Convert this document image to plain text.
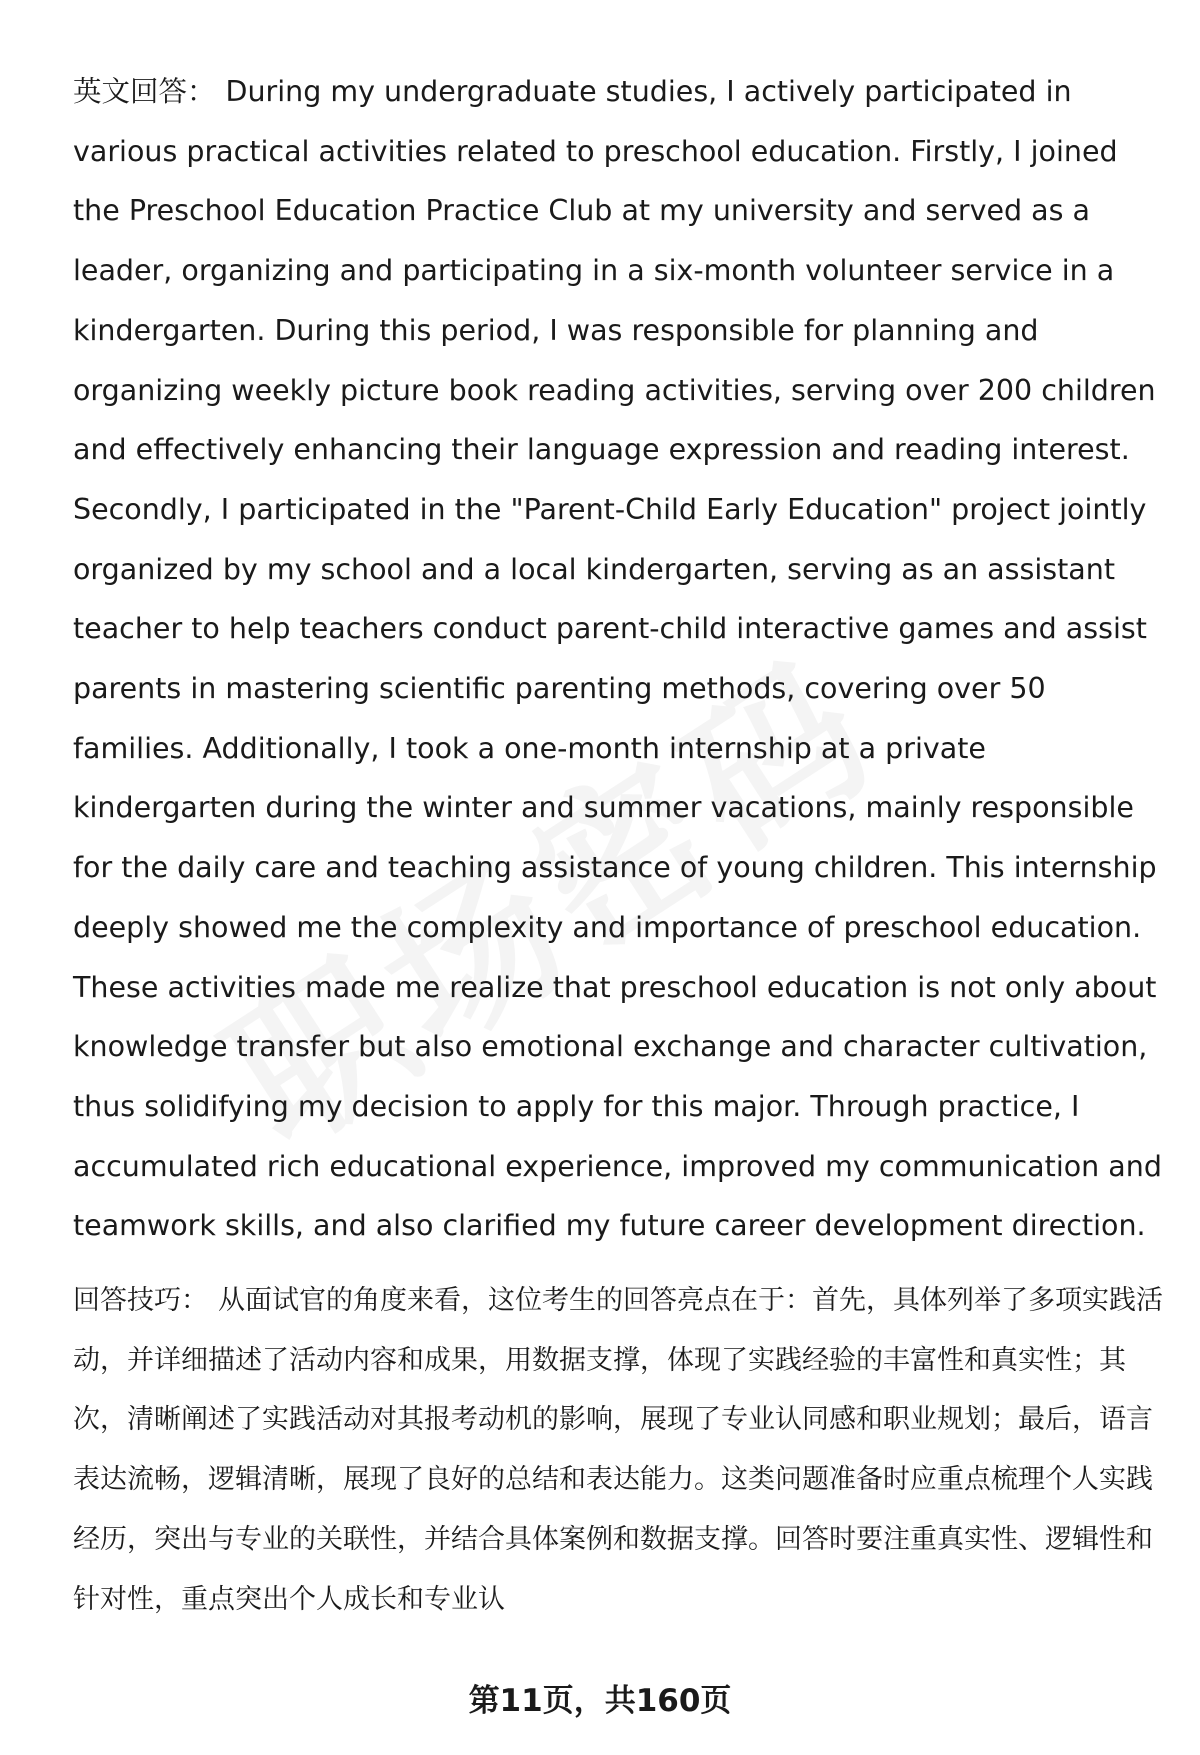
英文回答： During my undergraduate studies, I actively participated in various practical activities related to preschool education. Firstly, I joined the Preschool Education Practice Club at my university and served as a leader, organizing and participating in a six-month volunteer service in a kindergarten. During this period, I was responsible for planning and organizing weekly picture book reading activities, serving over 200 children and effectively enhancing their language expression and reading interest. Secondly, I participated in the "Parent-Child Early Education" project jointly organized by my school and a local kindergarten, serving as an assistant teacher to help teachers conduct parent-child interactive games and assist parents in mastering scientific parenting methods, covering over 50 families. Additionally, I took a one-month internship at a private kindergarten during the winter and summer vacations, mainly responsible for the daily care and teaching assistance of young children. This internship deeply showed me the complexity and importance of preschool education. These activities made me realize that preschool education is not only about knowledge transfer but also emotional exchange and character cultivation, thus solidifying my decision to apply for this major. Through practice, I accumulated rich educational experience, improved my communication and teamwork skills, and also clarified my future career development direction.

回答技巧： 从面试官的角度来看，这位考生的回答亮点在于：首先，具体列举了多项实践活动，并详细描述了活动内容和成果，用数据支撑，体现了实践经验的丰富性和真实性；其次，清晰阐述了实践活动对其报考动机的影响，展现了专业认同感和职业规划；最后，语言表达流畅，逻辑清晰，展现了良好的总结和表达能力。这类问题准备时应重点梳理个人实践经历，突出与专业的关联性，并结合具体案例和数据支撑。回答时要注重真实性、逻辑性和针对性，重点突出个人成长和专业认

第11页，共160页
